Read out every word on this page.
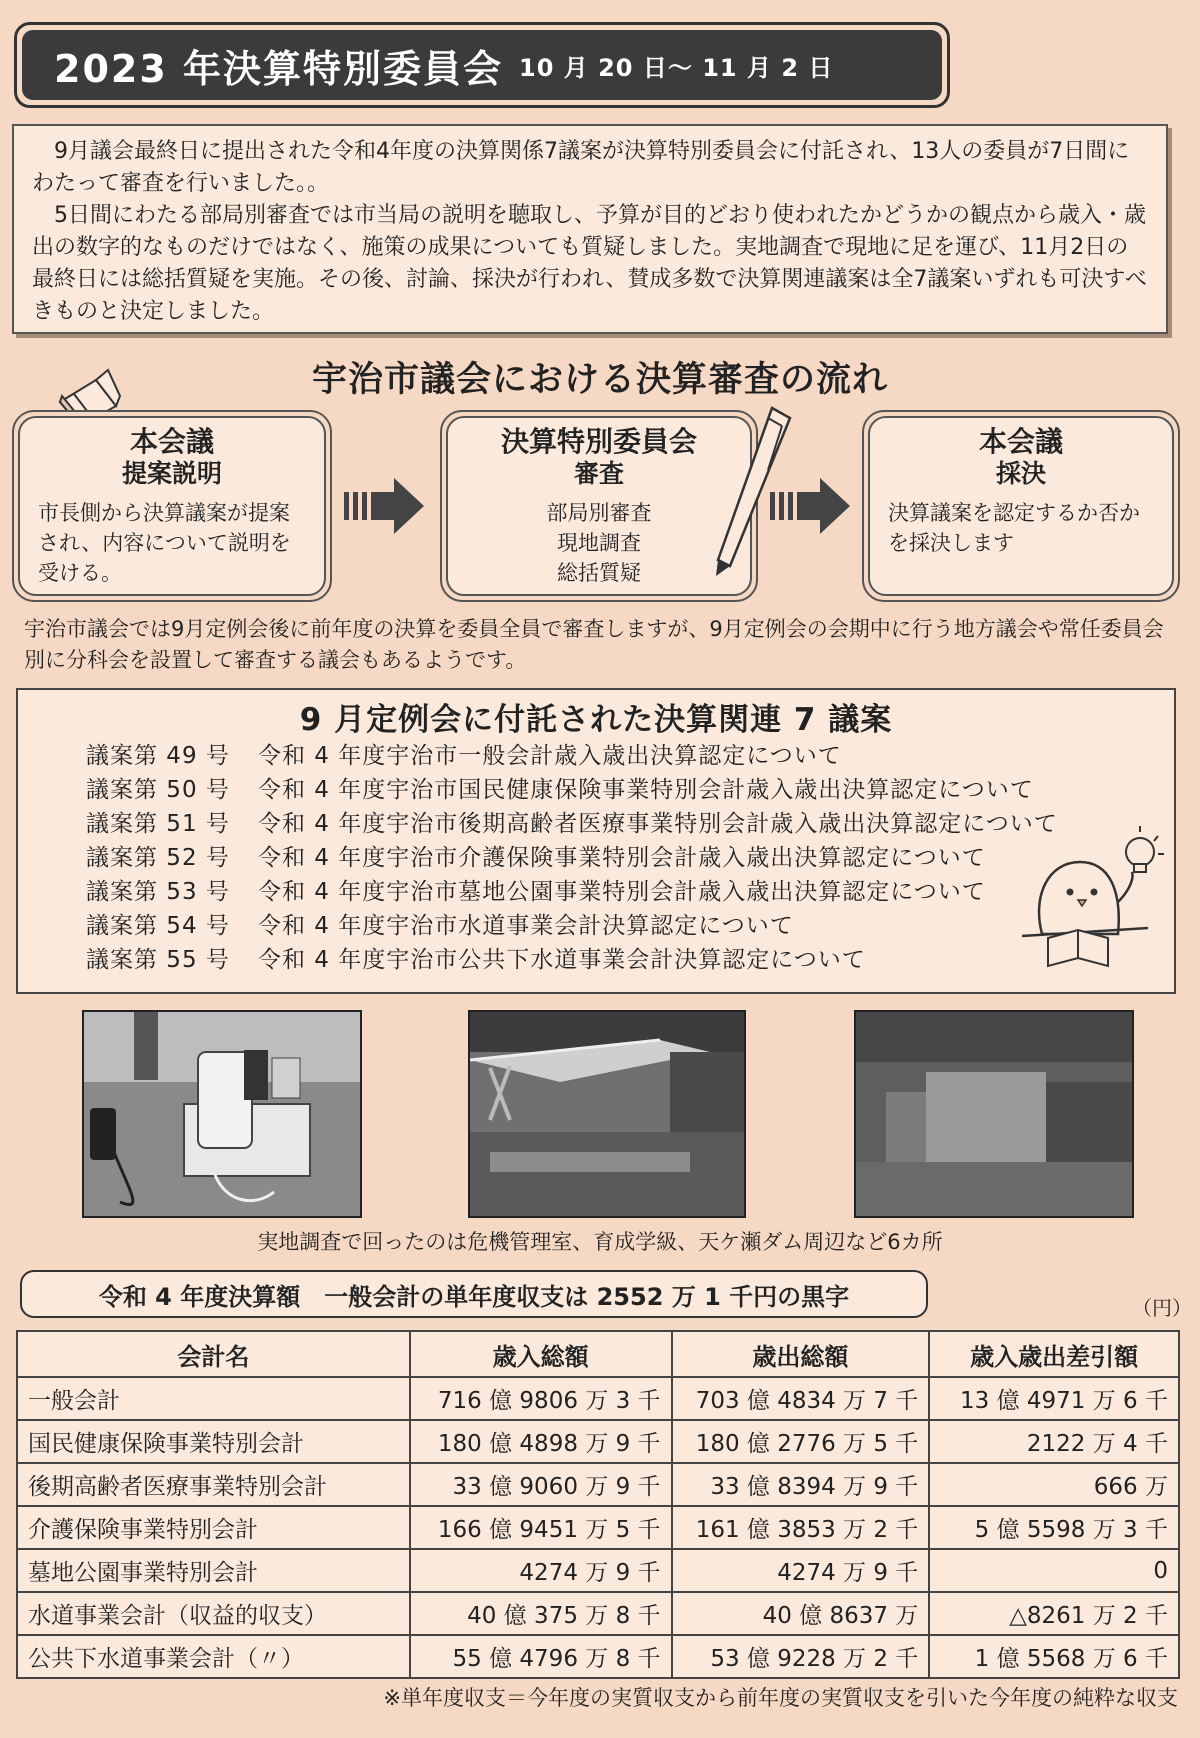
2023 年決算特別委員会 10 月 20 日～ 11 月 2 日

9月議会最終日に提出された令和4年度の決算関係7議案が決算特別委員会に付託され、13人の委員が7日間にわたって審査を行いました。。

5日間にわたる部局別審査では市当局の説明を聴取し、予算が目的どおり使われたかどうかの観点から歳入・歳出の数字的なものだけではなく、施策の成果についても質疑しました。実地調査で現地に足を運び、11月2日の最終日には総括質疑を実施。その後、討論、採決が行われ、賛成多数で決算関連議案は全7議案いずれも可決すべきものと決定しました。

宇治市議会における決算審査の流れ
本会議
提案説明
市長側から決算議案が提案され、内容について説明を受ける。
決算特別委員会
審査
部局別審査
現地調査
総括質疑
本会議
採決
決算議案を認定するか否かを採決します
宇治市議会では9月定例会後に前年度の決算を委員全員で審査しますが、9月定例会の会期中に行う地方議会や常任委員会別に分科会を設置して審査する議会もあるようです。
9 月定例会に付託された決算関連 7 議案
議案第 49 号 令和 4 年度宇治市一般会計歳入歳出決算認定について
議案第 50 号 令和 4 年度宇治市国民健康保険事業特別会計歳入歳出決算認定について
議案第 51 号 令和 4 年度宇治市後期高齢者医療事業特別会計歳入歳出決算認定について
議案第 52 号 令和 4 年度宇治市介護保険事業特別会計歳入歳出決算認定について
議案第 53 号 令和 4 年度宇治市墓地公園事業特別会計歳入歳出決算認定について
議案第 54 号 令和 4 年度宇治市水道事業会計決算認定について
議案第 55 号 令和 4 年度宇治市公共下水道事業会計決算認定について
実地調査で回ったのは危機管理室、育成学級、天ケ瀬ダム周辺など6カ所
令和 4 年度決算額　一般会計の単年度収支は 2552 万 1 千円の黒字	（円）
会計名	歳入総額	歳出総額	歳入歳出差引額
一般会計	716 億 9806 万 3 千	703 億 4834 万 7 千	13 億 4971 万 6 千
国民健康保険事業特別会計	180 億 4898 万 9 千	180 億 2776 万 5 千	2122 万 4 千
後期高齢者医療事業特別会計	33 億 9060 万 9 千	33 億 8394 万 9 千	666 万
介護保険事業特別会計	166 億 9451 万 5 千	161 億 3853 万 2 千	5 億 5598 万 3 千
墓地公園事業特別会計	4274 万 9 千	4274 万 9 千	0
水道事業会計（収益的収支）	40 億 375 万 8 千	40 億 8637 万	△8261 万 2 千
公共下水道事業会計（〃）	55 億 4796 万 8 千	53 億 9228 万 2 千	1 億 5568 万 6 千
※単年度収支＝今年度の実質収支から前年度の実質収支を引いた今年度の純粋な収支
